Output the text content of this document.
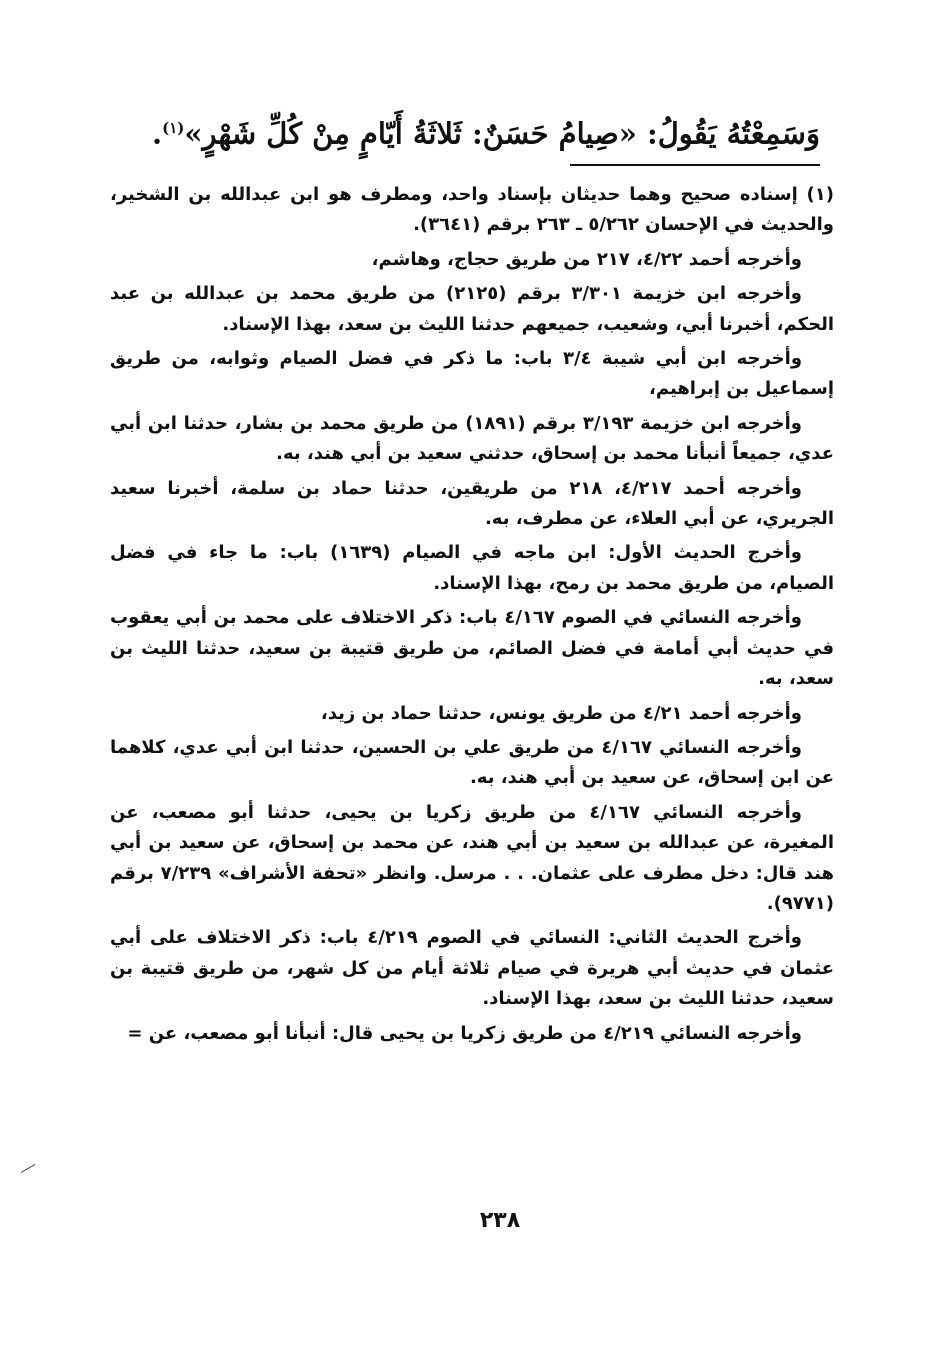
وَسَمِعْتُهُ يَقُولُ: «صِيامُ حَسَنٌ: ثَلاثَةُ أَيّامٍ مِنْ كُلِّ شَهْرٍ»$^{(١)}$.

(١) إسناده صحيح وهما حديثان بإسناد واحد، ومطرف هو ابن عبدالله بن الشخير، والحديث في الإحسان ٥/٢٦٢ ـ ٢٦٣ برقم (٣٦٤١).

وأخرجه أحمد ٤/٢٢، ٢١٧ من طريق حجاج، وهاشم،

وأخرجه ابن خزيمة ٣/٣٠١ برقم (٢١٢٥) من طريق محمد بن عبدالله بن عبد الحكم، أخبرنا أبي، وشعيب، جميعهم حدثنا الليث بن سعد، بهذا الإسناد.

وأخرجه ابن أبي شيبة ٣/٤ باب: ما ذكر في فضل الصيام وثوابه، من طريق إسماعيل بن إبراهيم،

وأخرجه ابن خزيمة ٣/١٩٣ برقم (١٨٩١) من طريق محمد بن بشار، حدثنا ابن أبي عدي، جميعاً أنبأنا محمد بن إسحاق، حدثني سعيد بن أبي هند، به.

وأخرجه أحمد ٤/٢١٧، ٢١٨ من طريقين، حدثنا حماد بن سلمة، أخبرنا سعيد الجريري، عن أبي العلاء، عن مطرف، به.

وأخرج الحديث الأول: ابن ماجه في الصيام (١٦٣٩) باب: ما جاء في فضل الصيام، من طريق محمد بن رمح، بهذا الإسناد.

وأخرجه النسائي في الصوم ٤/١٦٧ باب: ذكر الاختلاف على محمد بن أبي يعقوب في حديث أبي أمامة في فضل الصائم، من طريق قتيبة بن سعيد، حدثنا الليث بن سعد، به.

وأخرجه أحمد ٤/٢١ من طريق يونس، حدثنا حماد بن زيد،

وأخرجه النسائي ٤/١٦٧ من طريق علي بن الحسين، حدثنا ابن أبي عدي، كلاهما عن ابن إسحاق، عن سعيد بن أبي هند، به.

وأخرجه النسائي ٤/١٦٧ من طريق زكريا بن يحيى، حدثنا أبو مصعب، عن المغيرة، عن عبدالله بن سعيد بن أبي هند، عن محمد بن إسحاق، عن سعيد بن أبي هند قال: دخل مطرف على عثمان. . . مرسل. وانظر «تحفة الأشراف» ٧/٢٣٩ برقم (٩٧٧١).

وأخرج الحديث الثاني: النسائي في الصوم ٤/٢١٩ باب: ذكر الاختلاف على أبي عثمان في حديث أبي هريرة في صيام ثلاثة أيام من كل شهر، من طريق قتيبة بن سعيد، حدثنا الليث بن سعد، بهذا الإسناد.

وأخرجه النسائي ٤/٢١٩ من طريق زكريا بن يحيى قال: أنبأنا أبو مصعب، عن =

٢٣٨
